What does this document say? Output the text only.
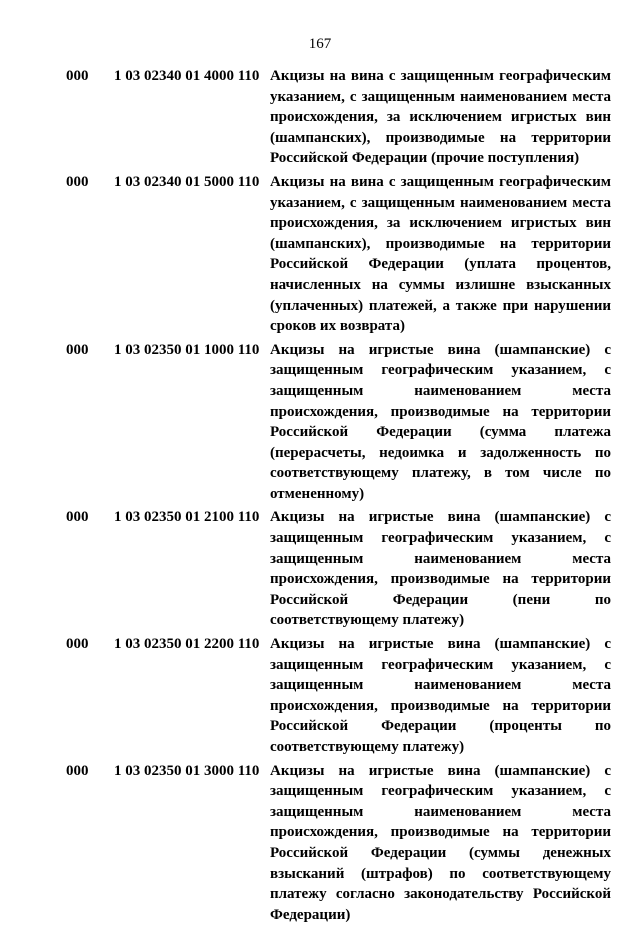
167
000	1 03 02340 01 4000 110 Акцизы на вина с защищенным географическим указанием, с защищенным наименованием места происхождения, за исключением игристых вин (шампанских), производимые на территории Российской Федерации (прочие поступления)
000	1 03 02340 01 5000 110 Акцизы на вина с защищенным географическим указанием, с защищенным наименованием места происхождения, за исключением игристых вин (шампанских), производимые на территории Российской Федерации (уплата процентов, начисленных на суммы излишне взысканных (уплаченных) платежей, а также при нарушении сроков их возврата)
000	1 03 02350 01 1000 110 Акцизы на игристые вина (шампанские) с защищенным географическим указанием, с защищенным наименованием места происхождения, производимые на территории Российской Федерации (сумма платежа (перерасчеты, недоимка и задолженность по соответствующему платежу, в том числе по отмененному)
000	1 03 02350 01 2100 110 Акцизы на игристые вина (шампанские) с защищенным географическим указанием, с защищенным наименованием места происхождения, производимые на территории Российской Федерации (пени по соответствующему платежу)
000	1 03 02350 01 2200 110 Акцизы на игристые вина (шампанские) с защищенным географическим указанием, с защищенным наименованием места происхождения, производимые на территории Российской Федерации (проценты по соответствующему платежу)
000	1 03 02350 01 3000 110 Акцизы на игристые вина (шампанские) с защищенным географическим указанием, с защищенным наименованием места происхождения, производимые на территории Российской Федерации (суммы денежных взысканий (штрафов) по соответствующему платежу согласно законодательству Российской Федерации)
